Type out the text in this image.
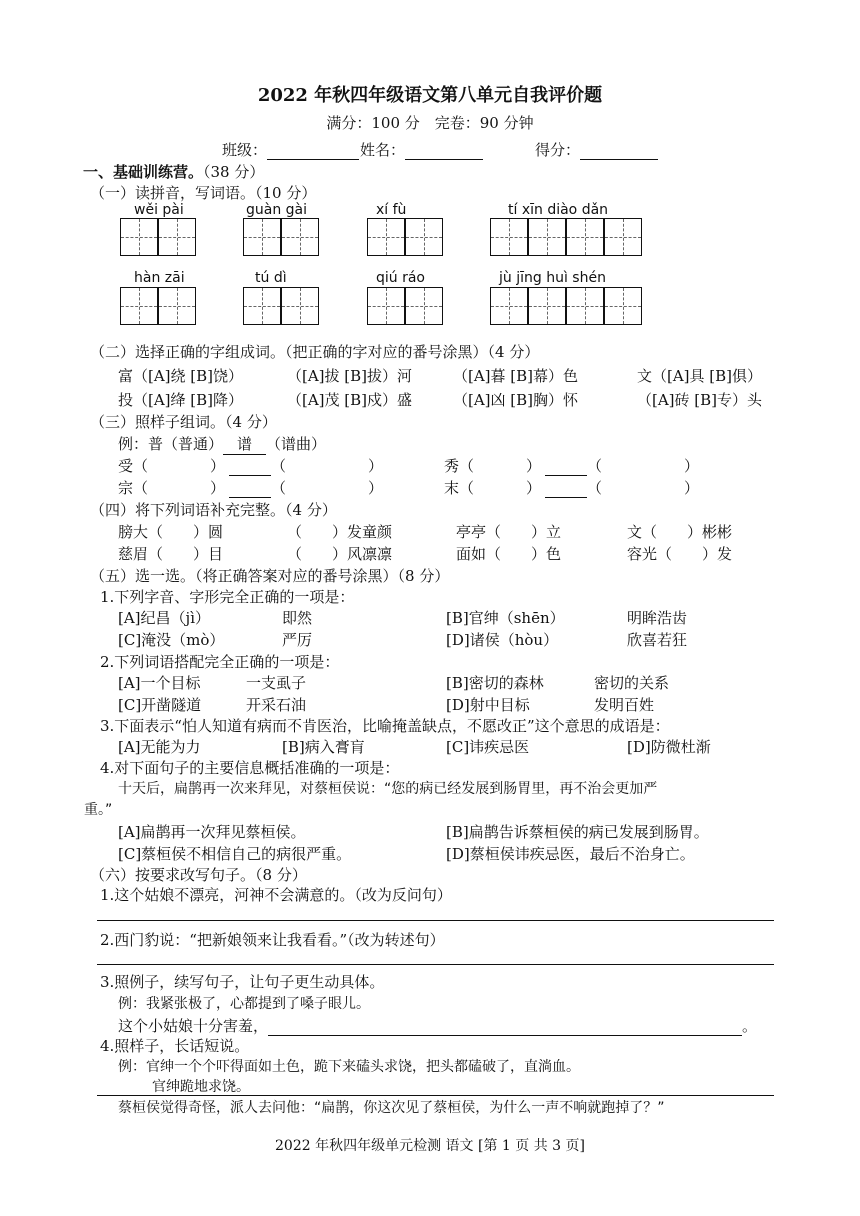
2022 年秋四年级语文第八单元自我评价题
满分：100 分　完卷：90 分钟
班级：	姓名：	得分：
一、基础训练营。（38 分）
（一）读拼音，写词语。（10 分）
wěi pài	guàn gài	xí fù	tí xīn diào dǎn
hàn zāi	tú dì	qiú ráo	jù jīng huì shén
（二）选择正确的字组成词。（把正确的字对应的番号涂黑）（4 分）
富（[A]绕 [B]饶）	（[A]拔 [B]拔）河	（[A]暮 [B]幕）色	文（[A]具 [B]俱）
投（[A]绛 [B]降）	（[A]茂 [B]戍）盛	（[A]凶 [B]胸）怀	（[A]砖 [B]专）头
（三）照样子组词。（4 分）
例：普（普通） 谱 （谱曲）
受（	）	（	）	秀（	）	（	）
宗（	）	（	）	末（	）	（	）
（四）将下列词语补充完整。（4 分）
膀大（　　）圆	（　　）发童颜	亭亭（　　）立	文（　　）彬彬
慈眉（　　）目	（　　）风凛凛	面如（　　）色	容光（　　）发
（五）选一选。（将正确答案对应的番号涂黑）（8 分）
1.下列字音、字形完全正确的一项是：
[A]纪昌（jì）	即然	[B]官绅（shēn）	明眸浩齿
[C]淹没（mò）	严厉	[D]诸侯（hòu）	欣喜若狂
2.下列词语搭配完全正确的一项是：
[A]一个目标	一支虱子	[B]密切的森林	密切的关系
[C]开凿隧道	开采石油	[D]射中目标	发明百姓
3.下面表示“怕人知道有病而不肯医治，比喻掩盖缺点，不愿改正”这个意思的成语是：
[A]无能为力	[B]病入膏肓	[C]讳疾忌医	[D]防微杜渐
4.对下面句子的主要信息概括准确的一项是：
十天后，扁鹊再一次来拜见，对蔡桓侯说：“您的病已经发展到肠胃里，再不治会更加严
重。”
[A]扁鹊再一次拜见蔡桓侯。	[B]扁鹊告诉蔡桓侯的病已发展到肠胃。
[C]蔡桓侯不相信自己的病很严重。	[D]蔡桓侯讳疾忌医，最后不治身亡。
（六）按要求改写句子。（8 分）
1.这个姑娘不漂亮，河神不会满意的。（改为反问句）
2.西门豹说：“把新娘领来让我看看。”（改为转述句）
3.照例子，续写句子，让句子更生动具体。
例：我紧张极了，心都提到了嗓子眼儿。
这个小姑娘十分害羞，	。
4.照样子，长话短说。
例：官绅一个个吓得面如土色，跪下来磕头求饶，把头都磕破了，直淌血。
官绅跪地求饶。
蔡桓侯觉得奇怪，派人去问他：“扁鹊，你这次见了蔡桓侯，为什么一声不响就跑掉了？”
2022 年秋四年级单元检测 语文 [第 1 页 共 3 页]
